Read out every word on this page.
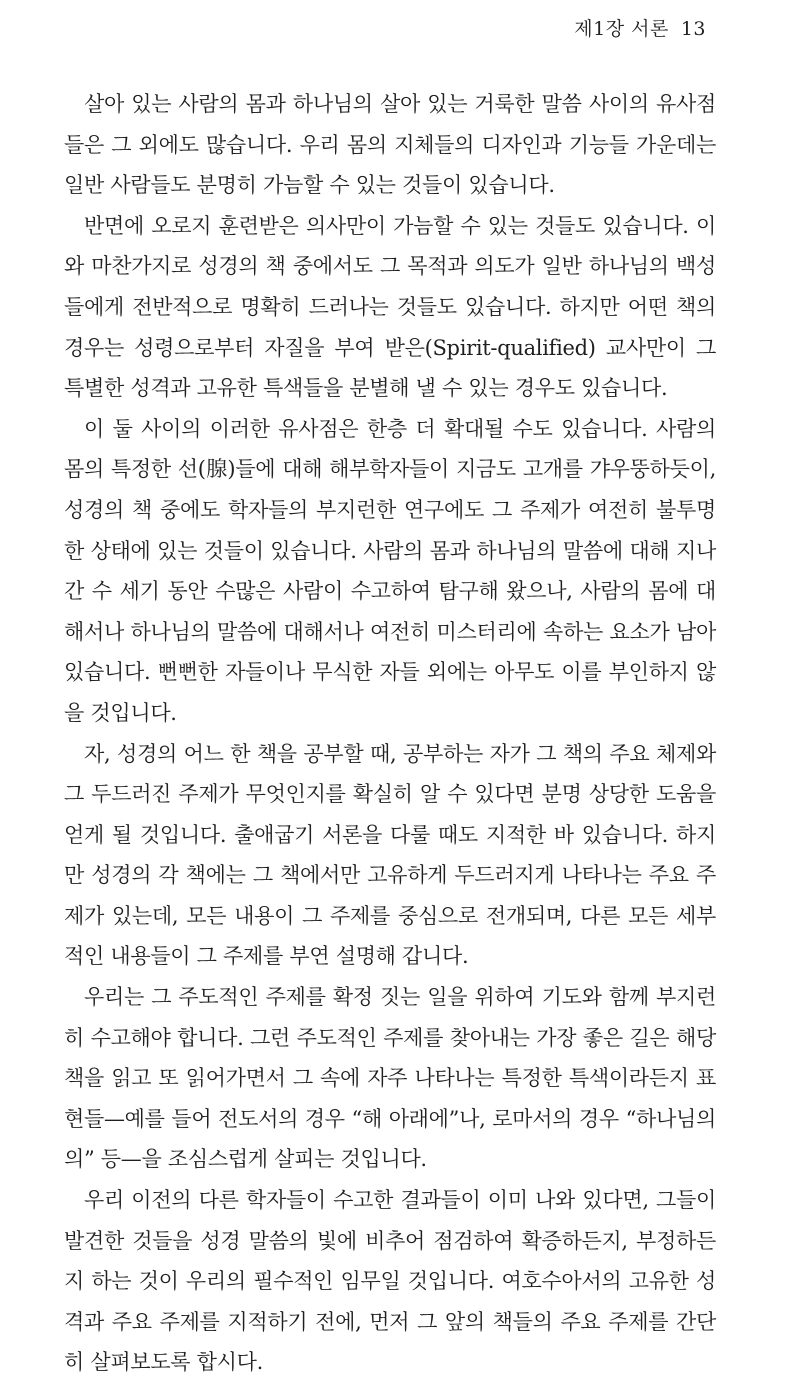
제1장 서론 13

살아 있는 사람의 몸과 하나님의 살아 있는 거룩한 말씀 사이의 유사점들은 그 외에도 많습니다. 우리 몸의 지체들의 디자인과 기능들 가운데는 일반 사람들도 분명히 가늠할 수 있는 것들이 있습니다.

반면에 오로지 훈련받은 의사만이 가늠할 수 있는 것들도 있습니다. 이와 마찬가지로 성경의 책 중에서도 그 목적과 의도가 일반 하나님의 백성들에게 전반적으로 명확히 드러나는 것들도 있습니다. 하지만 어떤 책의 경우는 성령으로부터 자질을 부여 받은(Spirit-qualified) 교사만이 그 특별한 성격과 고유한 특색들을 분별해 낼 수 있는 경우도 있습니다.

이 둘 사이의 이러한 유사점은 한층 더 확대될 수도 있습니다. 사람의 몸의 특정한 선(腺)들에 대해 해부학자들이 지금도 고개를 갸우뚱하듯이, 성경의 책 중에도 학자들의 부지런한 연구에도 그 주제가 여전히 불투명한 상태에 있는 것들이 있습니다. 사람의 몸과 하나님의 말씀에 대해 지나간 수 세기 동안 수많은 사람이 수고하여 탐구해 왔으나, 사람의 몸에 대해서나 하나님의 말씀에 대해서나 여전히 미스터리에 속하는 요소가 남아 있습니다. 뻔뻔한 자들이나 무식한 자들 외에는 아무도 이를 부인하지 않을 것입니다.

자, 성경의 어느 한 책을 공부할 때, 공부하는 자가 그 책의 주요 체제와 그 두드러진 주제가 무엇인지를 확실히 알 수 있다면 분명 상당한 도움을 얻게 될 것입니다. 출애굽기 서론을 다룰 때도 지적한 바 있습니다. 하지만 성경의 각 책에는 그 책에서만 고유하게 두드러지게 나타나는 주요 주제가 있는데, 모든 내용이 그 주제를 중심으로 전개되며, 다른 모든 세부적인 내용들이 그 주제를 부연 설명해 갑니다.

우리는 그 주도적인 주제를 확정 짓는 일을 위하여 기도와 함께 부지런히 수고해야 합니다. 그런 주도적인 주제를 찾아내는 가장 좋은 길은 해당 책을 읽고 또 읽어가면서 그 속에 자주 나타나는 특정한 특색이라든지 표현들—예를 들어 전도서의 경우 “해 아래에”나, 로마서의 경우 “하나님의 의” 등—을 조심스럽게 살피는 것입니다.

우리 이전의 다른 학자들이 수고한 결과들이 이미 나와 있다면, 그들이 발견한 것들을 성경 말씀의 빛에 비추어 점검하여 확증하든지, 부정하든지 하는 것이 우리의 필수적인 임무일 것입니다. 여호수아서의 고유한 성격과 주요 주제를 지적하기 전에, 먼저 그 앞의 책들의 주요 주제를 간단히 살펴보도록 합시다.
